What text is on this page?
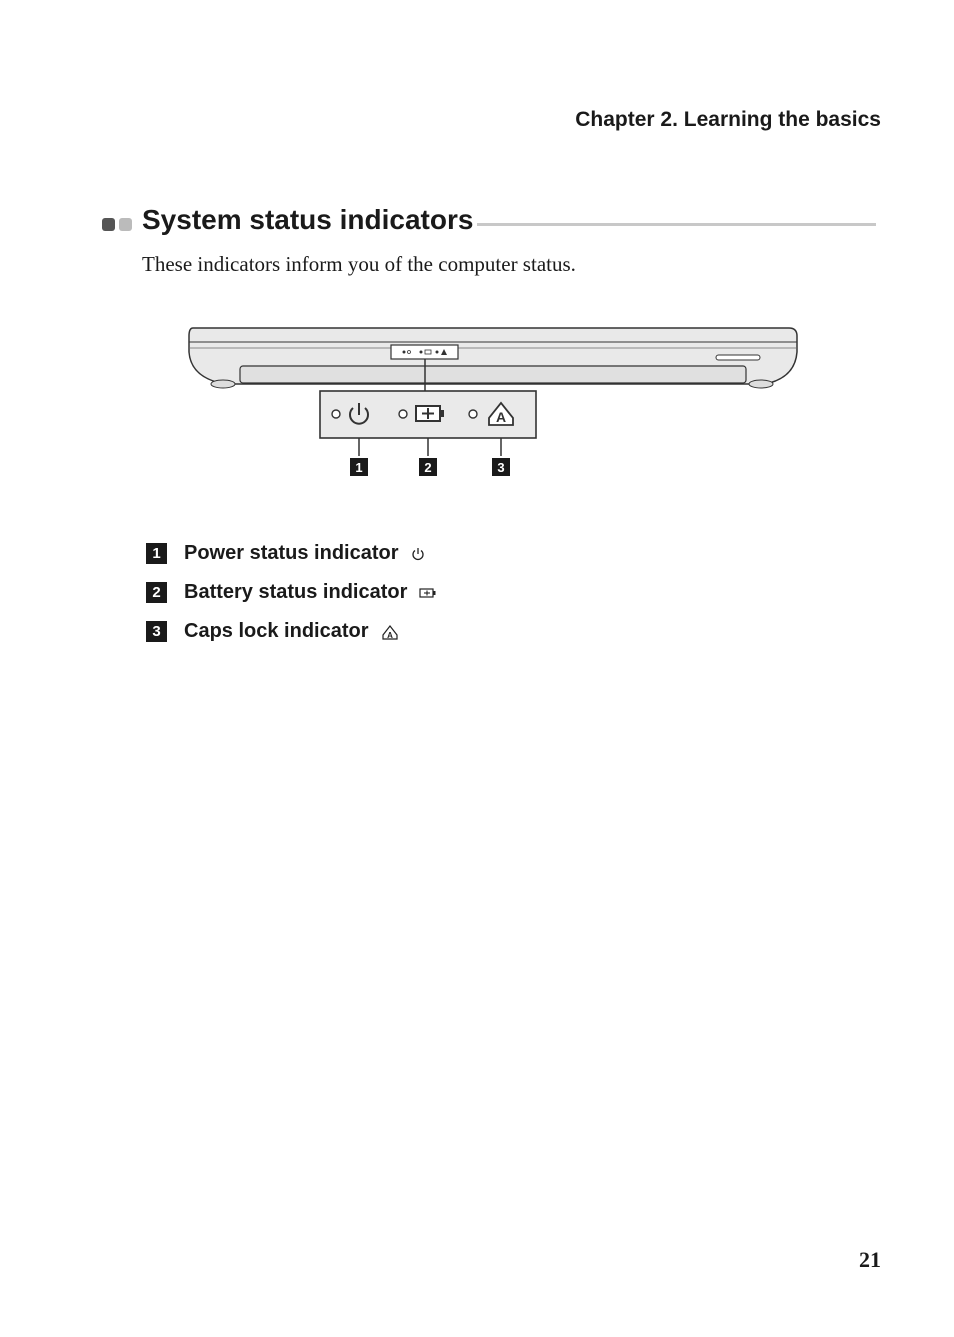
Chapter 2. Learning the basics
System status indicators
These indicators inform you of the computer status.
A
1	2	3
1	Power status indicator
2	Battery status indicator
3	Caps lock indicator A
21
